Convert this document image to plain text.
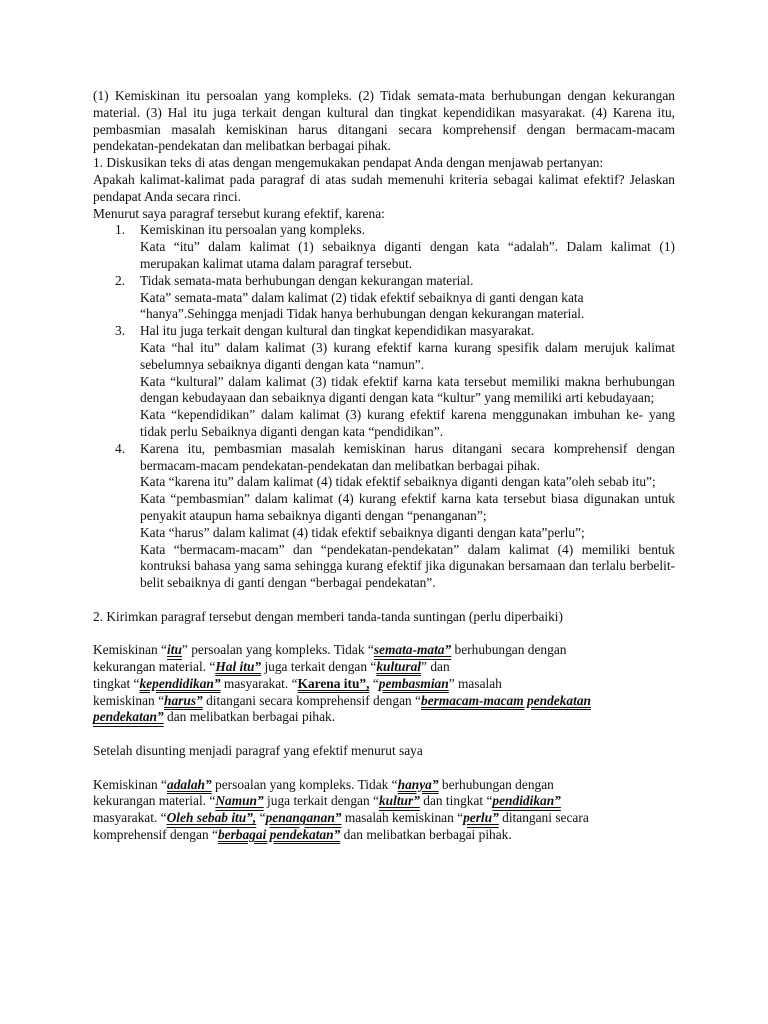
(1) Kemiskinan itu persoalan yang kompleks. (2) Tidak semata-mata berhubungan dengan kekurangan material. (3) Hal itu juga terkait dengan kultural dan tingkat kependidikan masyarakat. (4) Karena itu, pembasmian masalah kemiskinan harus ditangani secara komprehensif dengan bermacam-macam pendekatan-pendekatan dan melibatkan berbagai pihak.

1. Diskusikan teks di atas dengan mengemukakan pendapat Anda dengan menjawab pertanyan:

Apakah kalimat-kalimat pada paragraf di atas sudah memenuhi kriteria sebagai kalimat efektif? Jelaskan pendapat Anda secara rinci.

Menurut saya paragraf tersebut kurang efektif, karena:

1. Kemiskinan itu persoalan yang kompleks.
Kata “itu” dalam kalimat (1) sebaiknya diganti dengan kata “adalah”. Dalam kalimat (1) merupakan kalimat utama dalam paragraf tersebut.
2. Tidak semata-mata berhubungan dengan kekurangan material.
Kata” semata-mata” dalam kalimat (2) tidak efektif sebaiknya di ganti dengan kata “hanya”.Sehingga menjadi Tidak hanya berhubungan dengan kekurangan material.
3. Hal itu juga terkait dengan kultural dan tingkat kependidikan masyarakat.
Kata “hal itu” dalam kalimat (3) kurang efektif karna kurang spesifik dalam merujuk kalimat sebelumnya sebaiknya diganti dengan kata “namun”.
Kata “kultural” dalam kalimat (3) tidak efektif karna kata tersebut memiliki makna berhubungan dengan kebudayaan dan sebaiknya diganti dengan kata “kultur” yang memiliki arti kebudayaan;
Kata “kependidikan” dalam kalimat (3) kurang efektif karena menggunakan imbuhan ke- yang tidak perlu Sebaiknya diganti dengan kata “pendidikan”.
4. Karena itu, pembasmian masalah kemiskinan harus ditangani secara komprehensif dengan bermacam-macam pendekatan-pendekatan dan melibatkan berbagai pihak.
Kata “karena itu” dalam kalimat (4) tidak efektif sebaiknya diganti dengan kata”oleh sebab itu”;
Kata “pembasmian” dalam kalimat (4) kurang efektif karna kata tersebut biasa digunakan untuk penyakit ataupun hama sebaiknya diganti dengan “penanganan”;
Kata “harus” dalam kalimat (4) tidak efektif sebaiknya diganti dengan kata”perlu”;
Kata “bermacam-macam” dan “pendekatan-pendekatan” dalam kalimat (4) memiliki bentuk kontruksi bahasa yang sama sehingga kurang efektif jika digunakan bersamaan dan terlalu berbelit-belit sebaiknya di ganti dengan “berbagai pendekatan”.

2. Kirimkan paragraf tersebut dengan memberi tanda-tanda suntingan (perlu diperbaiki)

Kemiskinan “itu” persoalan yang kompleks. Tidak “semata-mata” berhubungan dengan
kekurangan material. “Hal itu” juga terkait dengan “kultural” dan
tingkat “kependidikan” masyarakat. “Karena itu”, “pembasmian” masalah
kemiskinan “harus” ditangani secara komprehensif dengan “bermacam-macam pendekatan
pendekatan” dan melibatkan berbagai pihak.

Setelah disunting menjadi paragraf yang efektif menurut saya

Kemiskinan “adalah” persoalan yang kompleks. Tidak “hanya” berhubungan dengan
kekurangan material. “Namun” juga terkait dengan “kultur” dan tingkat “pendidikan”
masyarakat. “Oleh sebab itu”, “penanganan” masalah kemiskinan “perlu” ditangani secara
komprehensif dengan “berbagai pendekatan” dan melibatkan berbagai pihak.
